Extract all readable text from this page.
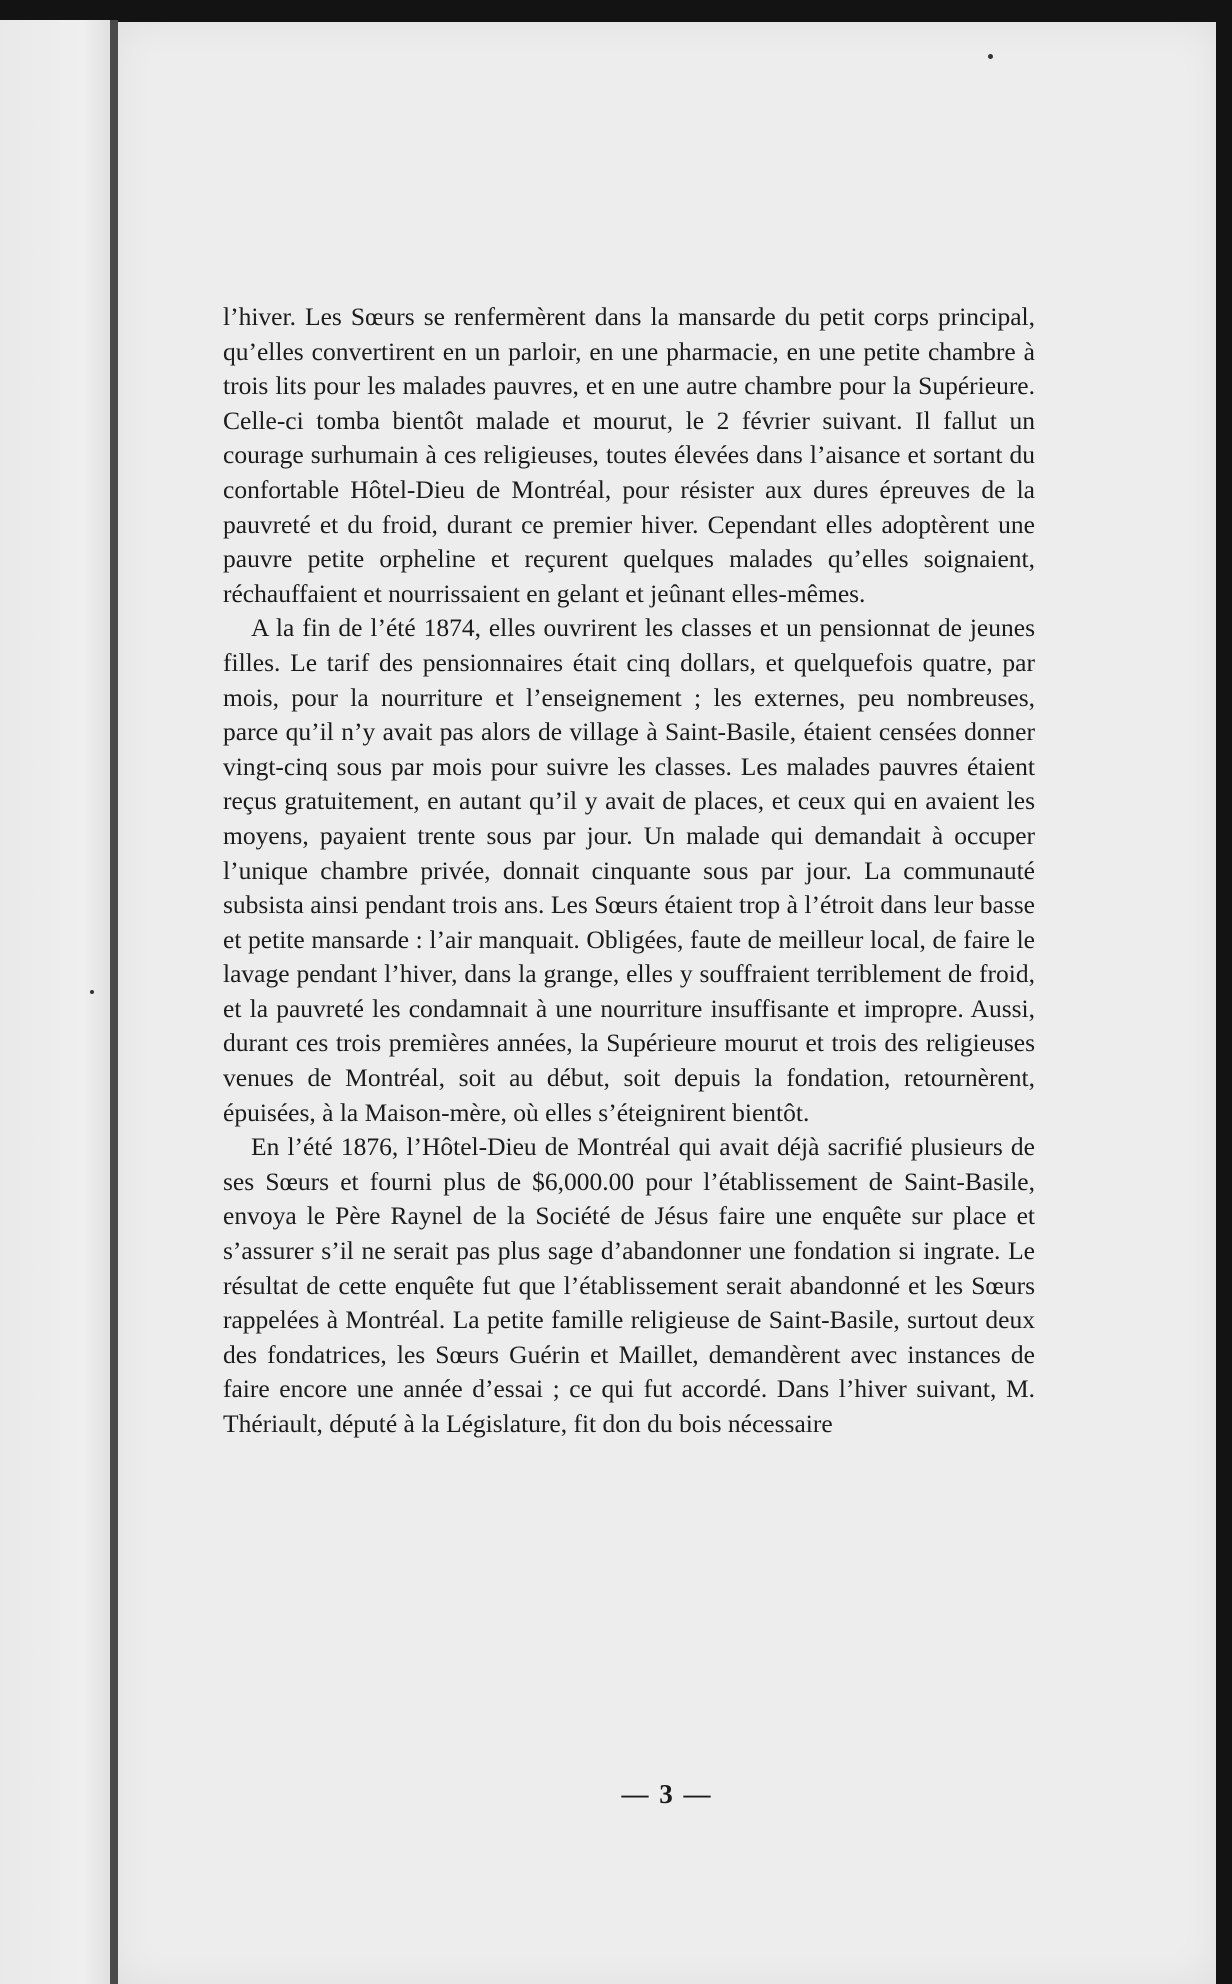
l’hiver. Les Sœurs se renfermèrent dans la mansarde du petit corps principal, qu’elles convertirent en un parloir, en une pharmacie, en une petite chambre à trois lits pour les malades pauvres, et en une autre chambre pour la Supérieure. Celle-ci tomba bientôt malade et mourut, le 2 février suivant. Il fallut un courage surhumain à ces religieuses, toutes élevées dans l’aisance et sortant du confortable Hôtel-Dieu de Montréal, pour résister aux dures épreuves de la pauvreté et du froid, durant ce premier hiver. Cependant elles adoptèrent une pauvre petite orpheline et reçurent quelques malades qu’elles soignaient, réchauffaient et nourrissaient en gelant et jeûnant elles-mêmes.

A la fin de l’été 1874, elles ouvrirent les classes et un pensionnat de jeunes filles. Le tarif des pensionnaires était cinq dollars, et quelquefois quatre, par mois, pour la nourriture et l’enseignement ; les externes, peu nombreuses, parce qu’il n’y avait pas alors de village à Saint-Basile, étaient censées donner vingt-cinq sous par mois pour suivre les classes. Les malades pauvres étaient reçus gratuitement, en autant qu’il y avait de places, et ceux qui en avaient les moyens, payaient trente sous par jour. Un malade qui demandait à occuper l’unique chambre privée, donnait cinquante sous par jour. La communauté subsista ainsi pendant trois ans. Les Sœurs étaient trop à l’étroit dans leur basse et petite mansarde : l’air manquait. Obligées, faute de meilleur local, de faire le lavage pendant l’hiver, dans la grange, elles y souffraient terriblement de froid, et la pauvreté les condamnait à une nourriture insuffisante et impropre. Aussi, durant ces trois premières années, la Supérieure mourut et trois des religieuses venues de Montréal, soit au début, soit depuis la fondation, retournèrent, épuisées, à la Maison-mère, où elles s’éteignirent bientôt.

En l’été 1876, l’Hôtel-Dieu de Montréal qui avait déjà sacrifié plusieurs de ses Sœurs et fourni plus de $6,000.00 pour l’établissement de Saint-Basile, envoya le Père Raynel de la Société de Jésus faire une enquête sur place et s’assurer s’il ne serait pas plus sage d’abandonner une fondation si ingrate. Le résultat de cette enquête fut que l’établissement serait abandonné et les Sœurs rappelées à Montréal. La petite famille religieuse de Saint-Basile, surtout deux des fondatrices, les Sœurs Guérin et Maillet, demandèrent avec instances de faire encore une année d’essai ; ce qui fut accordé. Dans l’hiver suivant, M. Thériault, député à la Législature, fit don du bois nécessaire

— 3 —
